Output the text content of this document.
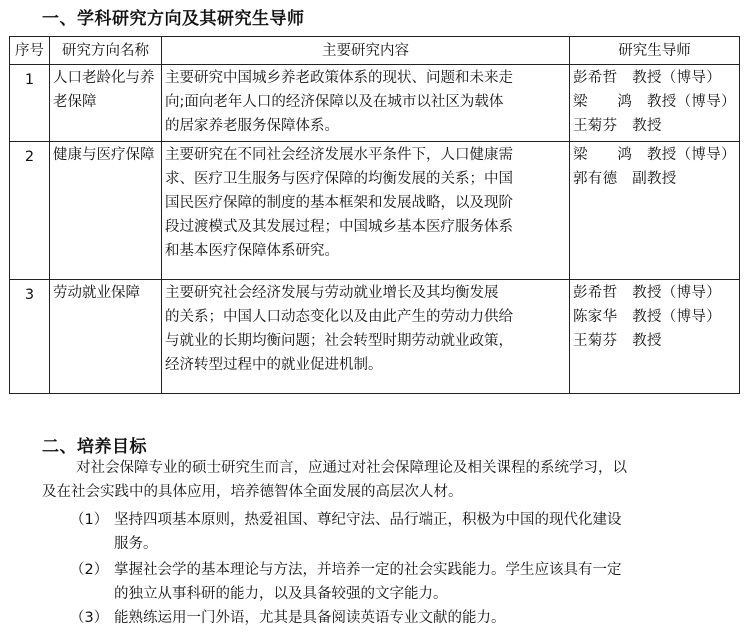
一、学科研究方向及其研究生导师
序号	研究方向名称	主要研究内容	研究生导师
1	人口老龄化与养老保障	主要研究中国城乡养老政策体系的现状、问题和未来走
向;面向老年人口的经济保障以及在城市以社区为载体
的居家养老服务保障体系。	彭希哲　教授（博导）
梁　　鸿　教授（博导）
王菊芬　教授

2	健康与医疗保障	主要研究在不同社会经济发展水平条件下，人口健康需
求、医疗卫生服务与医疗保障的均衡发展的关系；中国
国民医疗保障的制度的基本框架和发展战略，以及现阶
段过渡模式及其发展过程；中国城乡基本医疗服务体系
和基本医疗保障体系研究。	梁　　鸿　教授（博导）
郭有德　副教授

3	劳动就业保障	主要研究社会经济发展与劳动就业增长及其均衡发展
的关系；中国人口动态变化以及由此产生的劳动力供给
与就业的长期均衡问题；社会转型时期劳动就业政策，
经济转型过程中的就业促进机制。	彭希哲　教授（博导）
陈家华　教授（博导）
王菊芬　教授
二、培养目标
对社会保障专业的硕士研究生而言，应通过对社会保障理论及相关课程的系统学习，以
及在社会实践中的具体应用，培养德智体全面发展的高层次人材。
（1） 坚持四项基本原则，热爱祖国、尊纪守法、品行端正，积极为中国的现代化建设
服务。
（2） 掌握社会学的基本理论与方法，并培养一定的社会实践能力。学生应该具有一定
的独立从事科研的能力，以及具备较强的文字能力。
（3） 能熟练运用一门外语，尤其是具备阅读英语专业文献的能力。
